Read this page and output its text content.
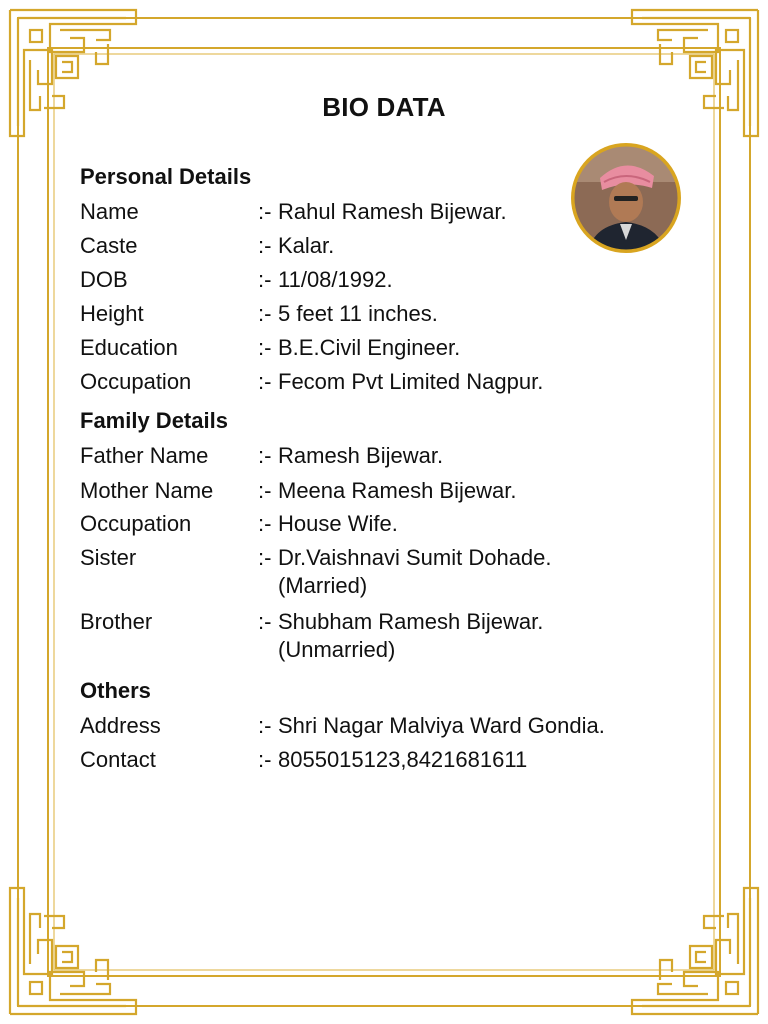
BIO DATA
Personal Details
Name	:- Rahul Ramesh Bijewar.
Caste	:- Kalar.
DOB	:- 11/08/1992.
Height	:- 5 feet 11 inches.
Education	:- B.E.Civil Engineer.
Occupation	:- Fecom Pvt Limited Nagpur.
Family Details
Father Name :- Ramesh Bijewar.
Mother Name :- Meena Ramesh Bijewar.
Occupation	:- House Wife.
Sister	:- Dr.Vaishnavi Sumit Dohade.
(Married)
Brother	:- Shubham Ramesh Bijewar.
(Unmarried)
Others
Address	:- Shri Nagar Malviya Ward Gondia.
Contact	:- 8055015123,8421681611
